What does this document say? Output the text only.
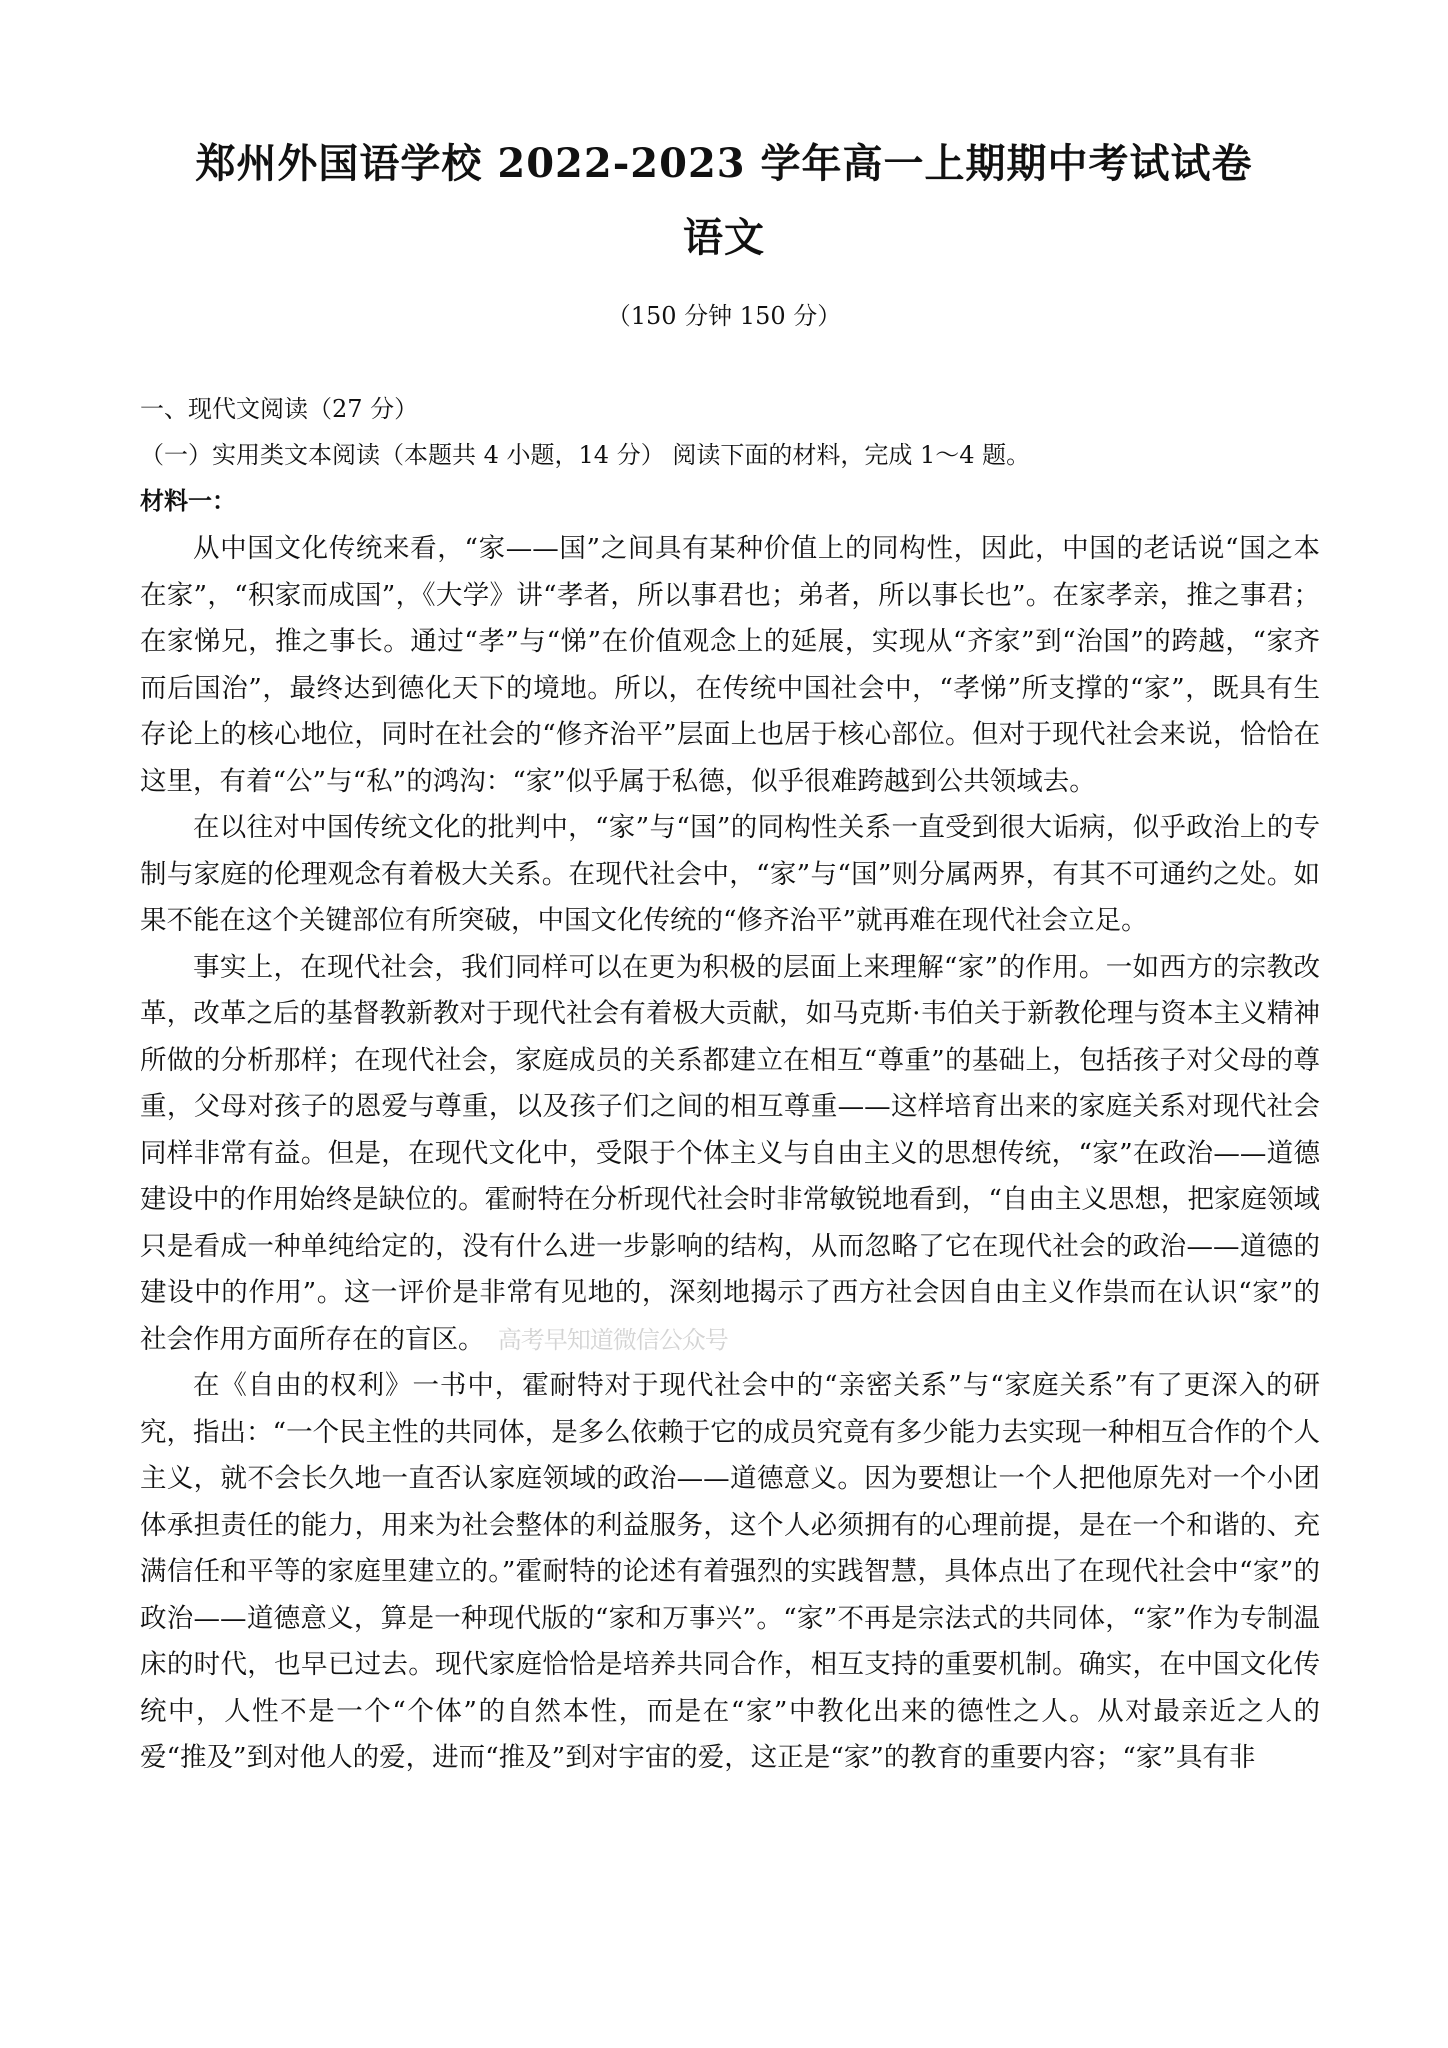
郑州外国语学校 2022-2023 学年高一上期期中考试试卷
语文
（150 分钟 150 分）
一、现代文阅读（27 分）
（一）实用类文本阅读（本题共 4 小题，14 分） 阅读下面的材料，完成 1～4 题。
材料一：

从中国文化传统来看，“家——国”之间具有某种价值上的同构性，因此，中国的老话说“国之本在家”，“积家而成国”，《大学》讲“孝者，所以事君也；弟者，所以事长也”。在家孝亲，推之事君；在家悌兄，推之事长。通过“孝”与“悌”在价值观念上的延展，实现从“齐家”到“治国”的跨越，“家齐而后国治”，最终达到德化天下的境地。所以，在传统中国社会中，“孝悌”所支撑的“家”，既具有生存论上的核心地位，同时在社会的“修齐治平”层面上也居于核心部位。但对于现代社会来说，恰恰在这里，有着“公”与“私”的鸿沟：“家”似乎属于私德，似乎很难跨越到公共领域去。

在以往对中国传统文化的批判中，“家”与“国”的同构性关系一直受到很大诟病，似乎政治上的专制与家庭的伦理观念有着极大关系。在现代社会中，“家”与“国”则分属两界，有其不可通约之处。如果不能在这个关键部位有所突破，中国文化传统的“修齐治平”就再难在现代社会立足。

事实上，在现代社会，我们同样可以在更为积极的层面上来理解“家”的作用。一如西方的宗教改革，改革之后的基督教新教对于现代社会有着极大贡献，如马克斯·韦伯关于新教伦理与资本主义精神所做的分析那样；在现代社会，家庭成员的关系都建立在相互“尊重”的基础上，包括孩子对父母的尊重，父母对孩子的恩爱与尊重，以及孩子们之间的相互尊重——这样培育出来的家庭关系对现代社会同样非常有益。但是，在现代文化中，受限于个体主义与自由主义的思想传统，“家”在政治——道德建设中的作用始终是缺位的。霍耐特在分析现代社会时非常敏锐地看到，“自由主义思想，把家庭领域只是看成一种单纯给定的，没有什么进一步影响的结构，从而忽略了它在现代社会的政治——道德的建设中的作用”。这一评价是非常有见地的，深刻地揭示了西方社会因自由主义作祟而在认识“家”的社会作用方面所存在的盲区。　 高考早知道微信公众号

在《自由的权利》一书中，霍耐特对于现代社会中的“亲密关系”与“家庭关系”有了更深入的研究，指出：“一个民主性的共同体，是多么依赖于它的成员究竟有多少能力去实现一种相互合作的个人主义，就不会长久地一直否认家庭领域的政治——道德意义。因为要想让一个人把他原先对一个小团体承担责任的能力，用来为社会整体的利益服务，这个人必须拥有的心理前提，是在一个和谐的、充满信任和平等的家庭里建立的。”霍耐特的论述有着强烈的实践智慧，具体点出了在现代社会中“家”的政治——道德意义，算是一种现代版的“家和万事兴”。“家”不再是宗法式的共同体，“家”作为专制温床的时代，也早已过去。现代家庭恰恰是培养共同合作，相互支持的重要机制。确实，在中国文化传统中，人性不是一个“个体”的自然本性，而是在“家”中教化出来的德性之人。从对最亲近之人的爱“推及”到对他人的爱，进而“推及”到对宇宙的爱，这正是“家”的教育的重要内容；“家”具有非
